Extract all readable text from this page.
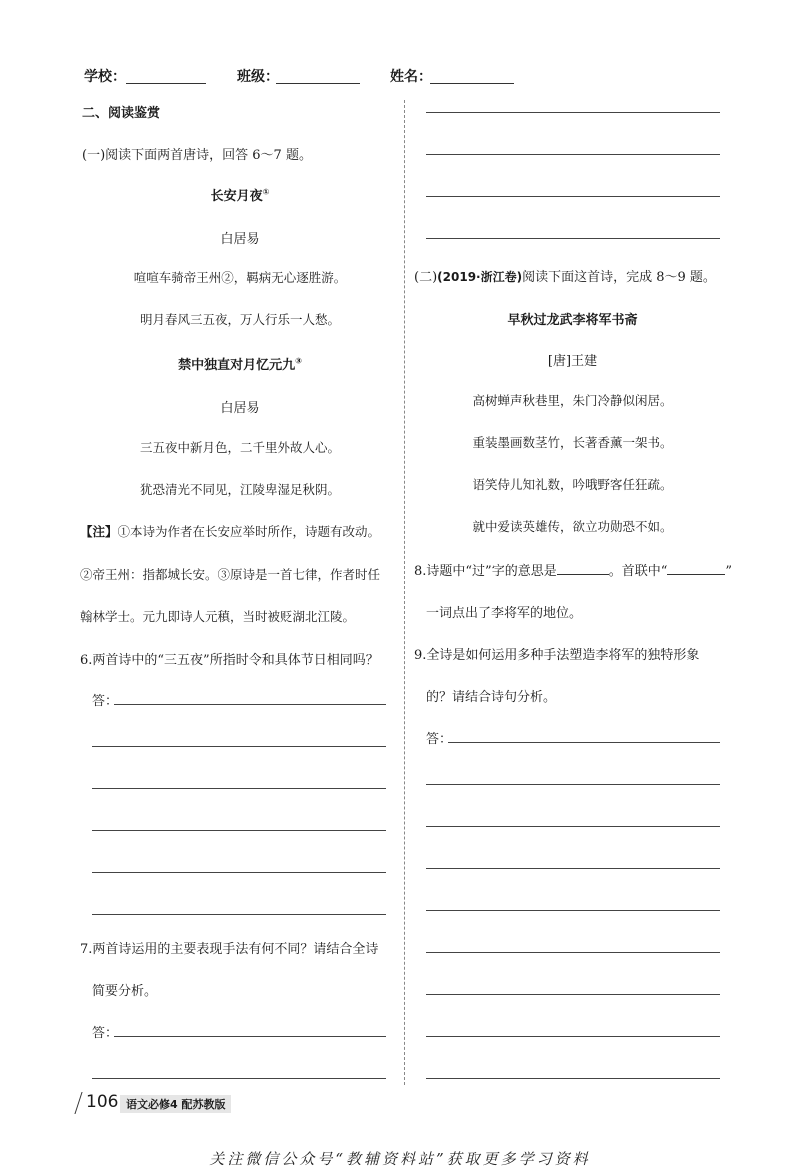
学校：	班级：	姓名：
二、阅读鉴赏
(一)阅读下面两首唐诗，回答 6～7 题。
长安月夜①
白居易
喧喧车骑帝王州②，羁病无心逐胜游。
明月春风三五夜，万人行乐一人愁。
禁中独直对月忆元九③
白居易
三五夜中新月色，二千里外故人心。
犹恐清光不同见，江陵卑湿足秋阴。
【注】①本诗为作者在长安应举时所作，诗题有改动。
②帝王州：指都城长安。③原诗是一首七律，作者时任
翰林学士。元九即诗人元稹，当时被贬湖北江陵。
6.两首诗中的“三五夜”所指时令和具体节日相同吗？
答：
7.两首诗运用的主要表现手法有何不同？请结合全诗
简要分析。
答：
(二)(2019·浙江卷)阅读下面这首诗，完成 8～9 题。
早秋过龙武李将军书斋
[唐]王建
高树蝉声秋巷里，朱门冷静似闲居。
重装墨画数茎竹，长著香薰一架书。
语笑侍儿知礼数，吟哦野客任狂疏。
就中爱读英雄传，欲立功勋恐不如。
8.诗题中“过”字的意思是	。首联中“	”
一词点出了李将军的地位。
9.全诗是如何运用多种手法塑造李将军的独特形象
的？请结合诗句分析。
答：
106 语文必修4 配苏教版
关注微信公众号“教辅资料站”获取更多学习资料
